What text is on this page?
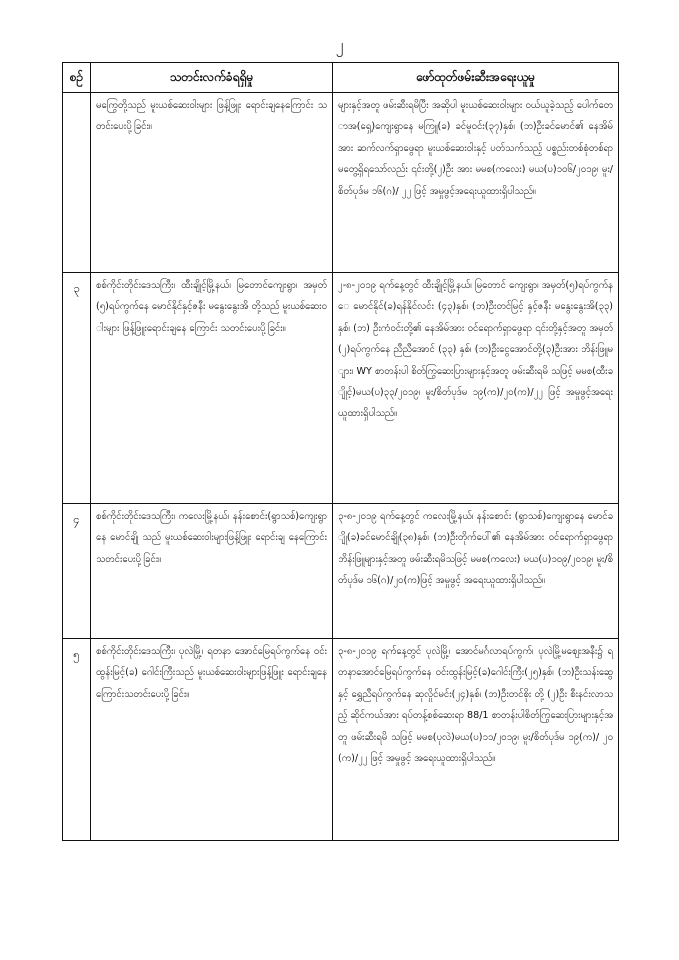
၂
စဉ်	သတင်းလက်ခံရရှိမှု	ဖော်ထုတ်ဖမ်းဆီးအရေးယူမှု
	မကြွေတို့သည် မူးယစ်ဆေးဝါးများ ဖြန့်ဖြူး ရောင်းချနေကြောင်း သတင်းပေးပို့ခြင်း။	များနှင့်အတူ ဖမ်းဆီးရမိပြီး အဆိုပါ မူးယစ်ဆေးဝါးများ ဝယ်ယူခဲ့သည့် ပေါက်တောအ(ရှေ့)ကျေးရွာနေ မကြူ(ခ) ခင်မူဝင်း(၃၇)နှစ်၊ (ဘ)ဦးခင်မောင်၏ နေအိမ်အား ဆက်လက်ရှာဖွေရာ မူးယစ်ဆေးဝါးနှင့် ပတ်သက်သည့် ပစ္စည်းတစ်စုံတစ်ရာ မတွေ့ရှိရသော်လည်း ၎င်းတို့(၂)ဦး အား မမစ(ကလေး) မယ(ပ)၁၀၆/၂၀၁၉၊ မူး/စိတ်ပုဒ်မ ၁၆(ဂ)/ ၂၂ ဖြင့် အမှုဖွင့်အရေးယူထားရှိပါသည်။
၃	စစ်ကိုင်းတိုင်းဒေသကြီး၊ ထီးချိုင့်မြို့နယ်၊ မြတောင်ကျေးရွာ၊ အမှတ်(၅)ရပ်ကွက်နေ မောင်နိုင်နှင့်ဇနီး မနွေးနွေးအိ တို့သည် မူးယစ်ဆေးဝါးများ ဖြန့်ဖြူးရောင်းချနေ ကြောင်း သတင်းပေးပို့ခြင်း။	၂-၈-၂၀၁၉ ရက်နေ့တွင် ထီးချိုင့်မြို့နယ်၊ မြတောင် ကျေးရွာ၊ အမှတ်(၅)ရပ်ကွက်နေ မောင်နိုင်(ခ)ရန်နိုင်လင်း (၄၃)နှစ်၊ (ဘ)ဦးတင်မြင့် နှင့်ဇနီး မနွေးနွေးအိ(၃၃)နှစ်၊ (ဘ) ဦးကံဝင်းတို့၏ နေအိမ်အား ဝင်ရောက်ရှာဖွေရာ ၎င်းတို့နှင့်အတူ အမှတ်(၂)ရပ်ကွက်နေ ညီညီအောင် (၃၃) နှစ်၊ (ဘ)ဦးငွေအောင်တို့(၃)ဦးအား ဘိန်းဖြူများ၊ WY စာတန်းပါ စိတ်ကြွဆေးပြားများနှင့်အတူ ဖမ်းဆီးရမိ သဖြင့် မမစ(ထီးချိုင့်)မယ(ပ)၃၃/၂၀၁၉၊ မူး/စိတ်ပုဒ်မ ၁၉(က)/၂၀(က)/၂၂ ဖြင့် အမှုဖွင့်အရေးယူထားရှိပါသည်။
၄	စစ်ကိုင်းတိုင်းဒေသကြီး၊ ကလေးမြို့နယ်၊ နန်းစောင်း(ရွာသစ်)ကျေးရွာနေ မောင်ချို သည် မူးယစ်ဆေးဝါးများဖြန့်ဖြူး ရောင်းချ နေကြောင်း သတင်းပေးပို့ခြင်း။	၃-၈-၂၀၁၉ ရက်နေ့တွင် ကလေးမြို့နယ်၊ နန်းစောင်း (ရွာသစ်)ကျေးရွာနေ မောင်ချို(ခ)ခင်မောင်ချို(၃၈)နှစ်၊ (ဘ)ဦးတိုက်ပေါ်၏ နေအိမ်အား ဝင်ရောက်ရှာဖွေရာ ဘိန်းဖြူများနှင့်အတူ ဖမ်းဆီးရမိသဖြင့် မမစ(ကလေး) မယ(ပ)၁၀၉/၂၀၁၉၊ မူး/စိတ်ပုဒ်မ ၁၆(ဂ)/၂၀(က)ဖြင့် အမှုဖွင့် အရေးယူထားရှိပါသည်။
၅	စစ်ကိုင်းတိုင်းဒေသကြီး၊ ပုလဲမြို့၊ ရတနာ အောင်မြေရပ်ကွက်နေ ဝင်းထွန်းမြင့်(ခ) ဂေါင်းကြီးသည် မူးယစ်ဆေးဝါးများဖြန့်ဖြူး ရောင်းချနေကြောင်းသတင်းပေးပို့ခြင်း။	၃-၈-၂၀၁၉ ရက်နေ့တွင် ပုလဲမြို့၊ အောင်မင်္ဂလာရပ်ကွက်၊ ပုလဲမြို့မဈေးအနီး၌ ရတနာအောင်မြေရပ်ကွက်နေ ဝင်းထွန်းမြင့်(ခ)ဂေါင်းကြီး(၂၅)နှစ်၊ (ဘ)ဦးသန်းဆွေနှင့် ရွှေညီရပ်ကွက်နေ ဆုလှိုင်မင်း(၂၄)နှစ်၊ (ဘ)ဦးတင်စိုး တို့ (၂)ဦး စီးနင်းလာသည့် ဆိုင်ကယ်အား ရပ်တန့်စစ်ဆေးရာ 88/1 စာတန်းပါစိတ်ကြွဆေးပြားများနှင့်အတူ ဖမ်းဆီးရမိ သဖြင့် မမစ(ပုလဲ)မယ(ပ)၁၁/၂၀၁၉၊ မူး/စိတ်ပုဒ်မ ၁၉(က)/ ၂၀(က)/၂၂ ဖြင့် အမှုဖွင့် အရေးယူထားရှိပါသည်။
